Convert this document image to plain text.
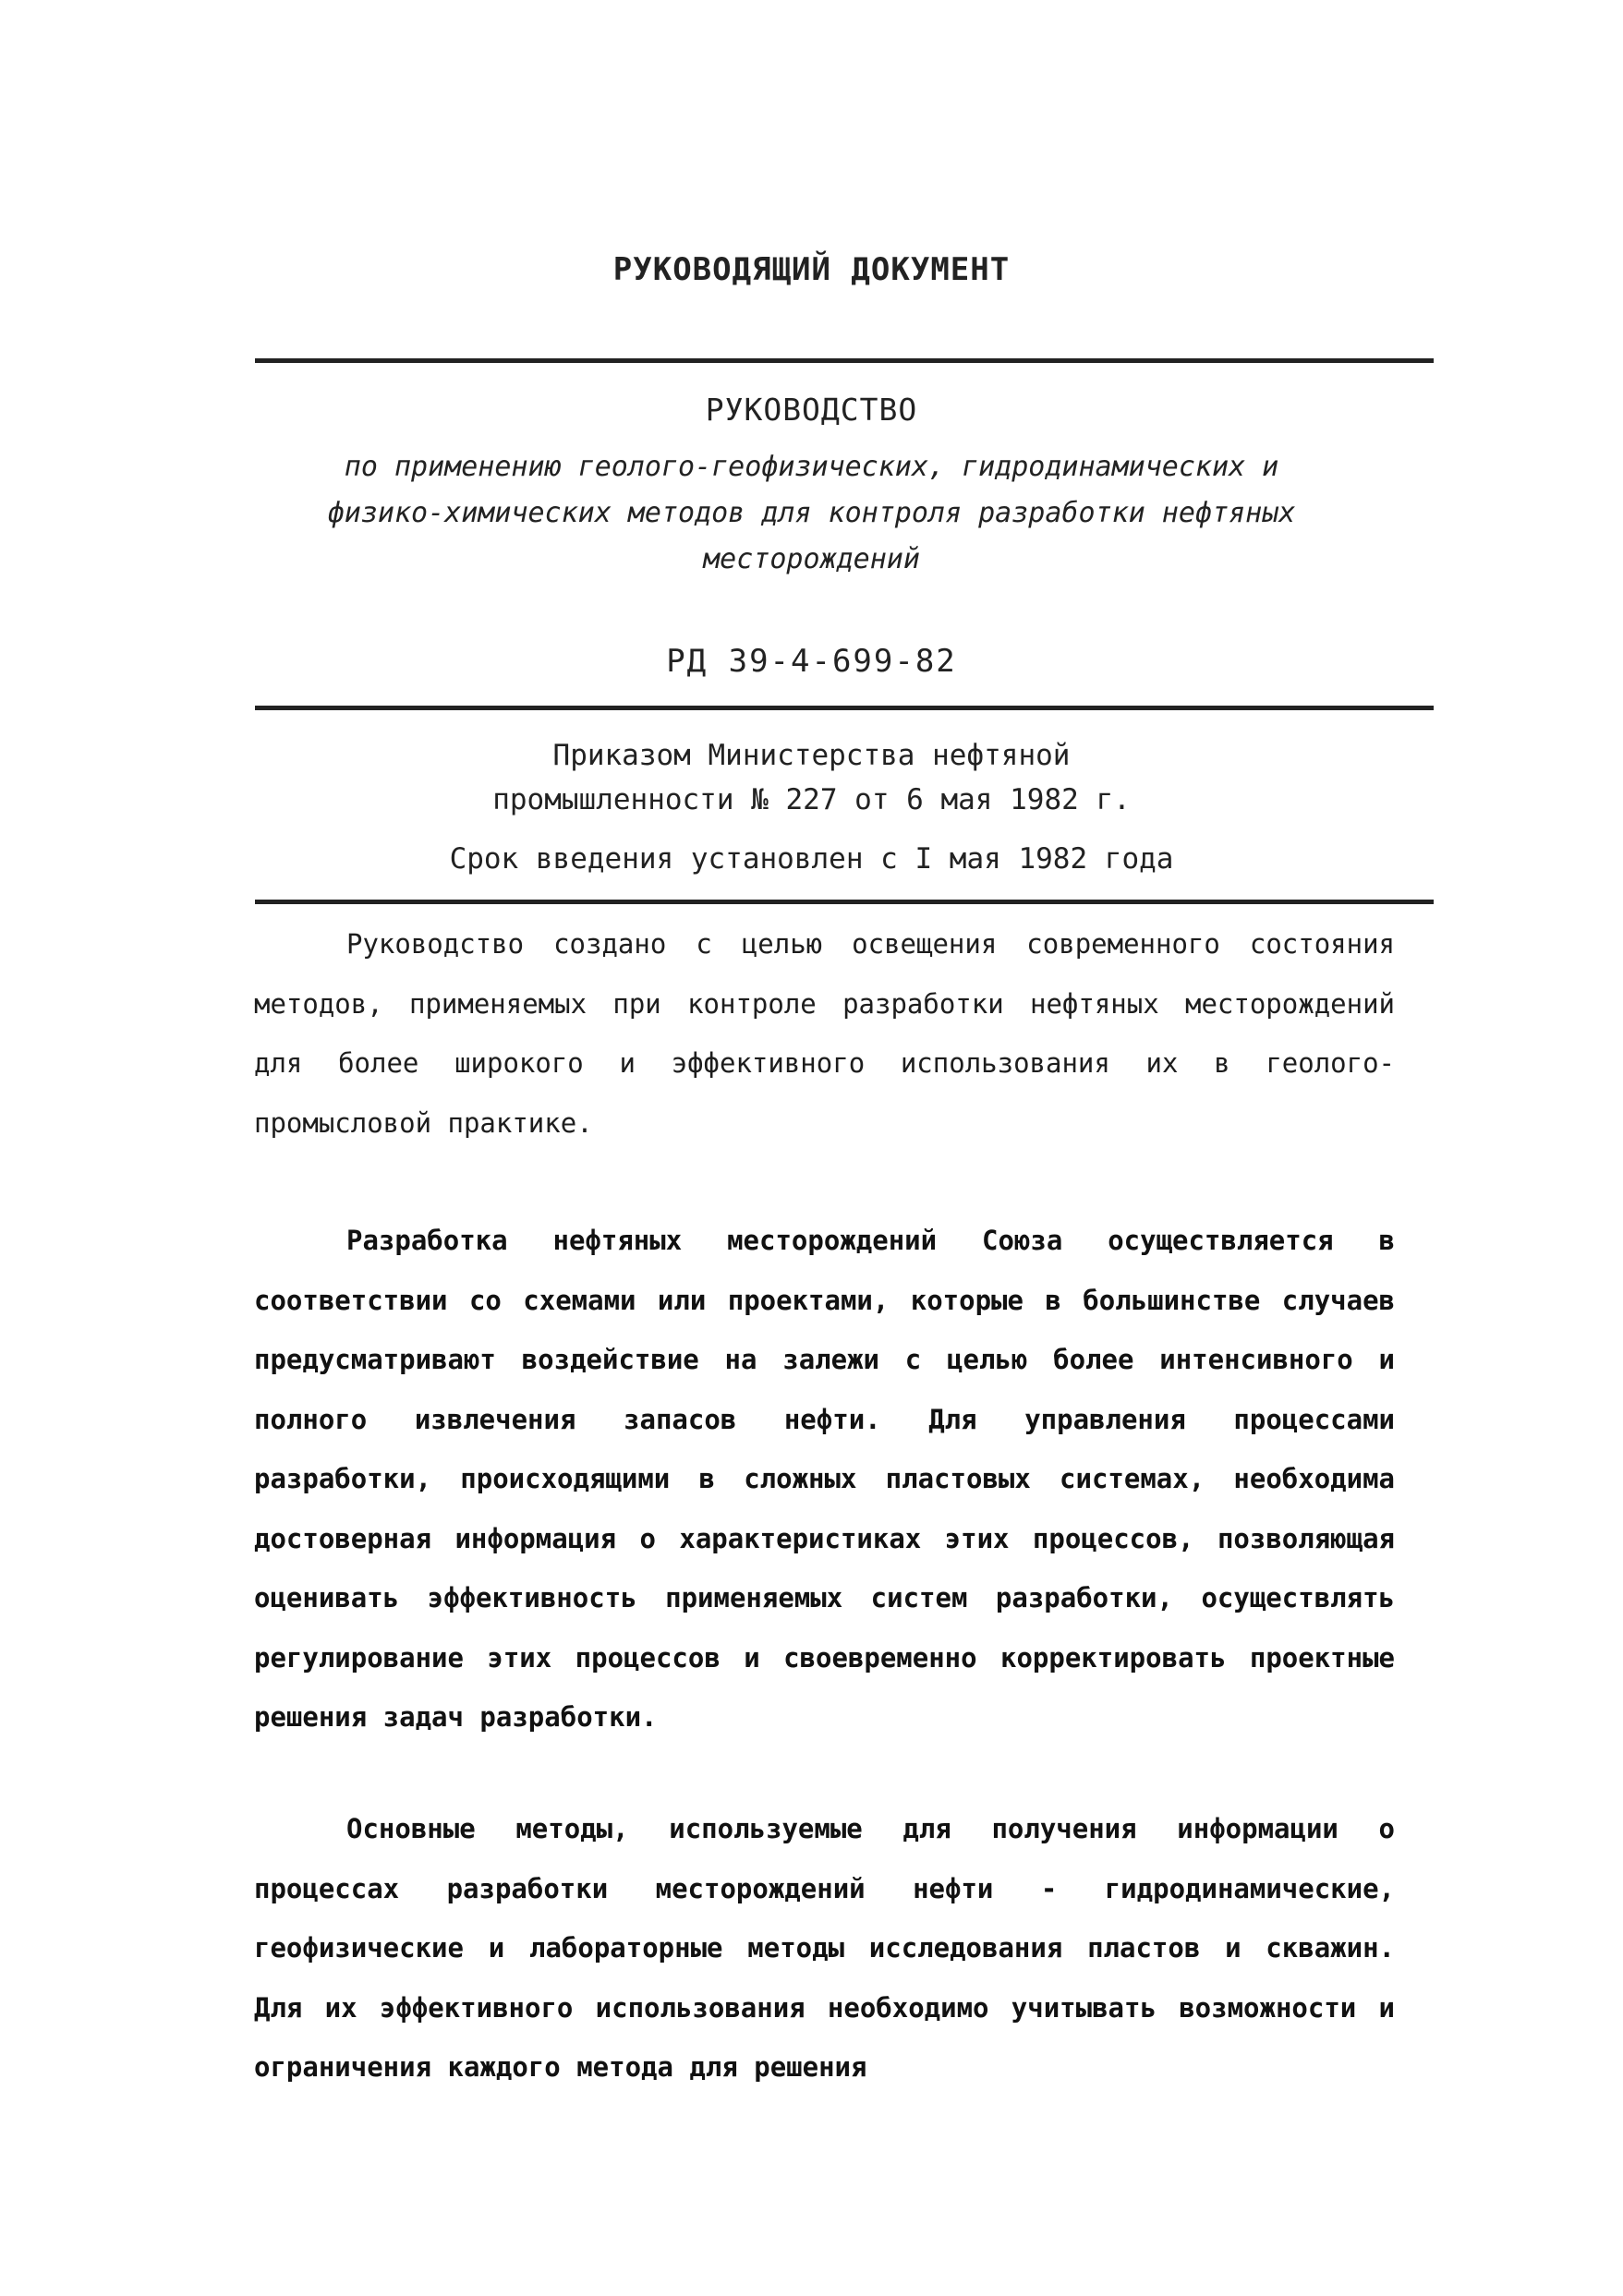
РУКОВОДЯЩИЙ ДОКУМЕНТ
РУКОВОДСТВО
по применению геолого-геофизических, гидродинамических и
физико-химических методов для контроля разработки нефтяных
месторождений
РД 39-4-699-82
Приказом Министерства нефтяной
промышленности № 227 от 6 мая 1982 г.
Срок введения установлен с I мая 1982 года

Руководство создано с целью освещения современного состояния методов, применяемых при контроле разработки нефтяных месторождений для более широкого и эффективного использования их в геолого-промысловой практике.

Разработка нефтяных месторождений Союза осуществляется в соответствии со схемами или проектами, которые в большинстве случаев предусматривают воздействие на залежи с целью более интенсивного и полного извлечения запасов нефти. Для управления процессами разработки, происходящими в сложных пластовых системах, необходима достоверная информация о характеристиках этих процессов, позволяющая оценивать эффективность применяемых систем разработки, осуществлять регулирование этих процессов и своевременно корректировать проектные решения задач разработки.

Основные методы, используемые для получения информации о процессах разработки месторождений нефти - гидродинамические, геофизические и лабораторные методы исследования пластов и скважин. Для их эффективного использования необходимо учитывать возможности и ограничения каждого метода для решения
